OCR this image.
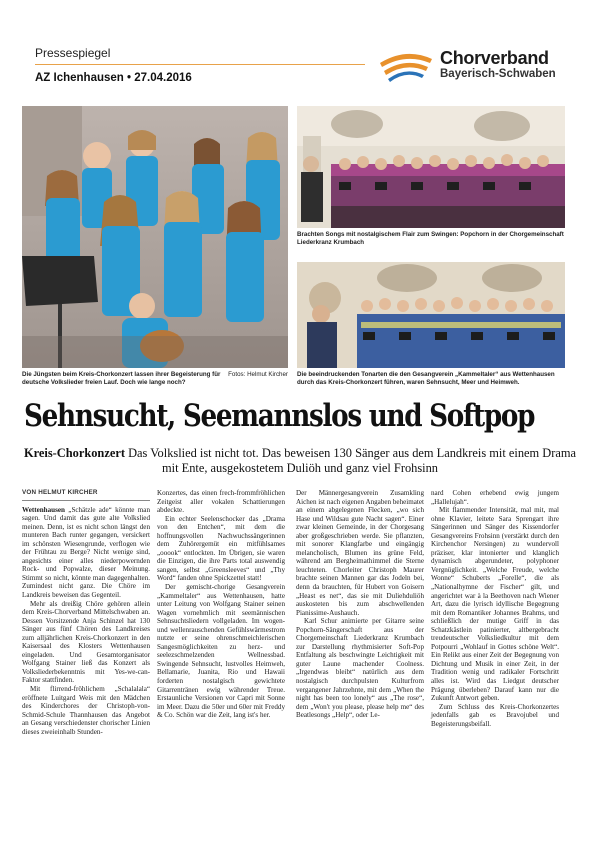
Pressespiegel
AZ Ichenhausen • 27.04.2016
Chorverband
Bayerisch-Schwaben
Brachten Songs mit nostalgischem Flair zum Swingen: Popchorn in der Chorgemeinschaft Liederkranz Krumbach
Fotos: Helmut Kircher
Die Jüngsten beim Kreis-Chorkonzert lassen ihrer Begeisterung für deutsche Volkslieder freien Lauf. Doch wie lange noch?
Die beeindruckenden Tonarten die den Gesangverein „Kammeltaler“ aus Wettenhausen durch das Kreis-Chorkonzert führen, waren Sehnsucht, Meer und Heimweh.
Sehnsucht, Seemannslos und Softpop
Kreis-Chorkonzert Das Volkslied ist nicht tot. Das beweisen 130 Sänger aus dem Landkreis mit einem Drama mit Ente, ausgekostetem Duliöh und ganz viel Frohsinn
VON HELMUT KIRCHER

Wettenhausen „Schätzle ade“ könnte man sagen. Und damit das gute alte Volkslied meinen. Denn, ist es nicht schon längst den munteren Bach runter gegangen, versickert im schönsten Wiesengrunde, verflogen wie der Frühtau zu Berge? Nicht wenige sind, angesichts einer alles niederpowernden Rock- und Popwalze, dieser Meinung. Stimmt so nicht, könnte man dagegenhalten. Zumindest nicht ganz. Die Chöre im Landkreis beweisen das Gegenteil.

Mehr als dreißig Chöre gehören allein dem Kreis-Chorverband Mittelschwaben an. Dessen Vorsitzende Anja Schinzel hat 130 Sänger aus fünf Chören des Landkreises zum alljährlichen Kreis-Chorkonzert in den Kaisersaal des Klosters Wettenhausen eingeladen. Und Gesamtorganisator Wolfgang Stainer ließ das Konzert als Volksliederbekenntnis mit Yes-we-can-Faktor stattfinden.

Mit flirrend-fröhlichem „Schalalala“ eröffnete Luitgard Weis mit den Mädchen des Kinderchores der Christoph-von-Schmid-Schule Thannhausen das Angebot an Gesang verschiedenster chorischer Linien dieses zweieinhalb Stunden-

Konzertes, das einen frech-frommfröhlichen Zeitgeist aller vokalen Schattierungen abdeckte.

Ein echter Seelenschocker das „Drama von den Entchen“, mit dem die hoffnungsvollen Nachwuchssängerinnen dem Zuhörergemüt ein mitfühlsames „ooook“ entlockten. Im Übrigen, sie waren die Einzigen, die ihre Parts total auswendig sangen, selbst „Greensleeves“ und „Thy Word“ fanden ohne Spickzettel statt!

Der gemischt-chorige Gesangverein „Kammeltaler“ aus Wettenhausen, hatte unter Leitung von Wolfgang Stainer seinen Wagen vornehmlich mit seemännischen Sehnsuchtsliedern vollgeladen. Im wogen- und wellenrauschenden Gefühlswärmestrom nutzte er seine ohrenschmeichlerischen Sangesmöglichkeiten zu herz- und seelezschmelzenden Wellnessbad. Swingende Sehnsucht, lustvolles Heimweh, Bellamarie, Juanita, Rio und Hawaii forderten nostalgisch gewichtete Gitarrentränen ewig währender Treue. Erstaunliche Versionen vor Capri mit Sonne im Meer. Dazu die 50er und 60er mit Freddy & Co. Schön war die Zeit, lang ist's her.

Der Männergesangverein Zusamkling Aichen ist nach eigenen Angaben beheimatet an einem abgelegenen Flecken, „wo sich Hase und Wildsau gute Nacht sagen“. Einer zwar kleinen Gemeinde, in der Chorgesang aber großgeschrieben werde. Sie pflanzten, mit sonorer Klangfarbe und eingängig melancholisch, Blumen ins grüne Feld, während am Bergheimathimmel die Sterne leuchteten. Chorleiter Christoph Maurer brachte seinen Mannen gar das Jodeln bei, denn da brauchten, für Hubert von Goisern „Heast es net“, das sie mit Duliehduliöh auskosteten bis zum abschwellenden Pianissime-Aushauch.

Karl Schur animierte per Gitarre seine Popchorn-Sängerschaft aus der Chorgemeinschaft Liederkranz Krumbach zur Darstellung rhythmisierter Soft-Pop Entfaltung als beschwingte Leichtigkeit mit guter Laune machender Coolness. „Irgendwas bleibt“ natürlich aus dem nostalgisch durchpulsten Kulturfrom vergangener Jahrzehnte, mit dem „When the night has been too lonely“ aus „The rose“, dem „Won't you please, please help me“ des Beatlesongs „Help“, oder Le-

nard Cohen erhebend ewig jungem „Hallelujah“.

Mit flammender Intensität, mal mit, mal ohne Klavier, leitete Sara Sprengart ihre Sängerinnen und Sänger des Kissendorfer Gesangvereins Frohsinn (verstärkt durch den Kirchenchor Nersingen) zu wundervoll präziser, klar intonierter und klanglich dynamisch abgerundeter, polyphoner Vergnüglichkeit. „Welche Freude, welche Wonne“ Schuberts „Forelle“, die als „Nationalhymne der Fischer“ gilt, und angerichtet war à la Beethoven nach Wiener Art, dazu die lyrisch idyllische Begegnung mit dem Romantiker Johannes Brahms, und schließlich der mutige Griff in das Schatzkästlein patinierter, altbergebracht treudeutscher Volksliedkultur mit dem Potpourri „Wohlauf in Gottes schöne Welt“. Ein Relikt aus einer Zeit der Begegnung von Dichtung und Musik in einer Zeit, in der Tradition wenig und radikaler Fortschritt alles ist. Wird das Liedgut deutscher Prägung überleben? Darauf kann nur die Zukunft Antwort geben.

Zum Schluss des Kreis-Chorkonzertes jedenfalls gab es Bravojubel und Begeisterungsbeifall.
